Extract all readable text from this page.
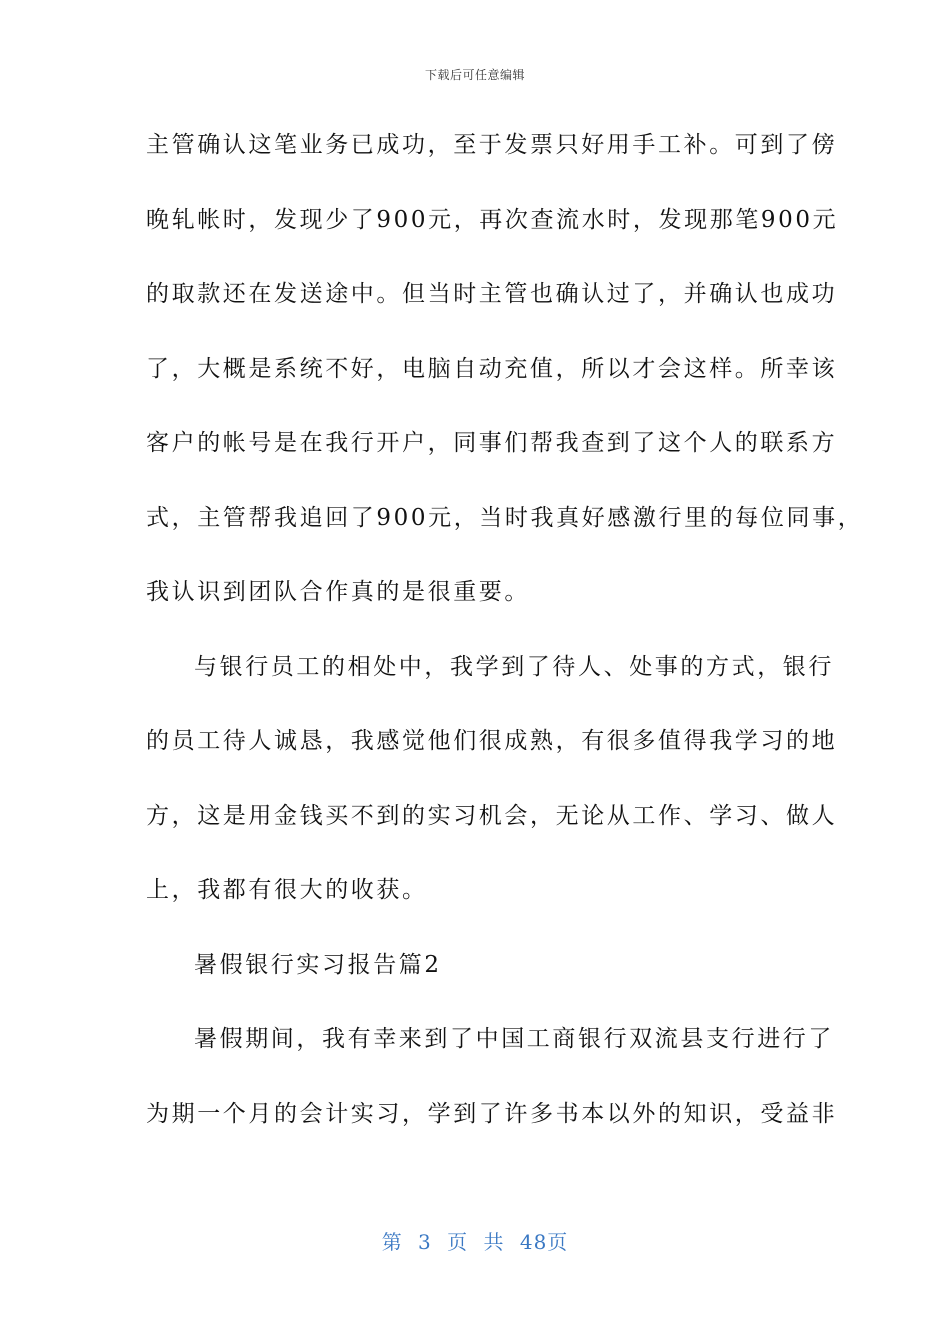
下载后可任意编辑
主管确认这笔业务已成功，至于发票只好用手工补。可到了傍
晚轧帐时，发现少了900元，再次查流水时，发现那笔900元
的取款还在发送途中。但当时主管也确认过了，并确认也成功
了，大概是系统不好，电脑自动充值，所以才会这样。所幸该
客户的帐号是在我行开户，同事们帮我查到了这个人的联系方
式，主管帮我追回了900元，当时我真好感激行里的每位同事，
我认识到团队合作真的是很重要。
与银行员工的相处中，我学到了待人、处事的方式，银行
的员工待人诚恳，我感觉他们很成熟，有很多值得我学习的地
方，这是用金钱买不到的实习机会，无论从工作、学习、做人
上，我都有很大的收获。
暑假银行实习报告篇2
暑假期间，我有幸来到了中国工商银行双流县支行进行了
为期一个月的会计实习，学到了许多书本以外的知识，受益非
第 3 页 共 48页
